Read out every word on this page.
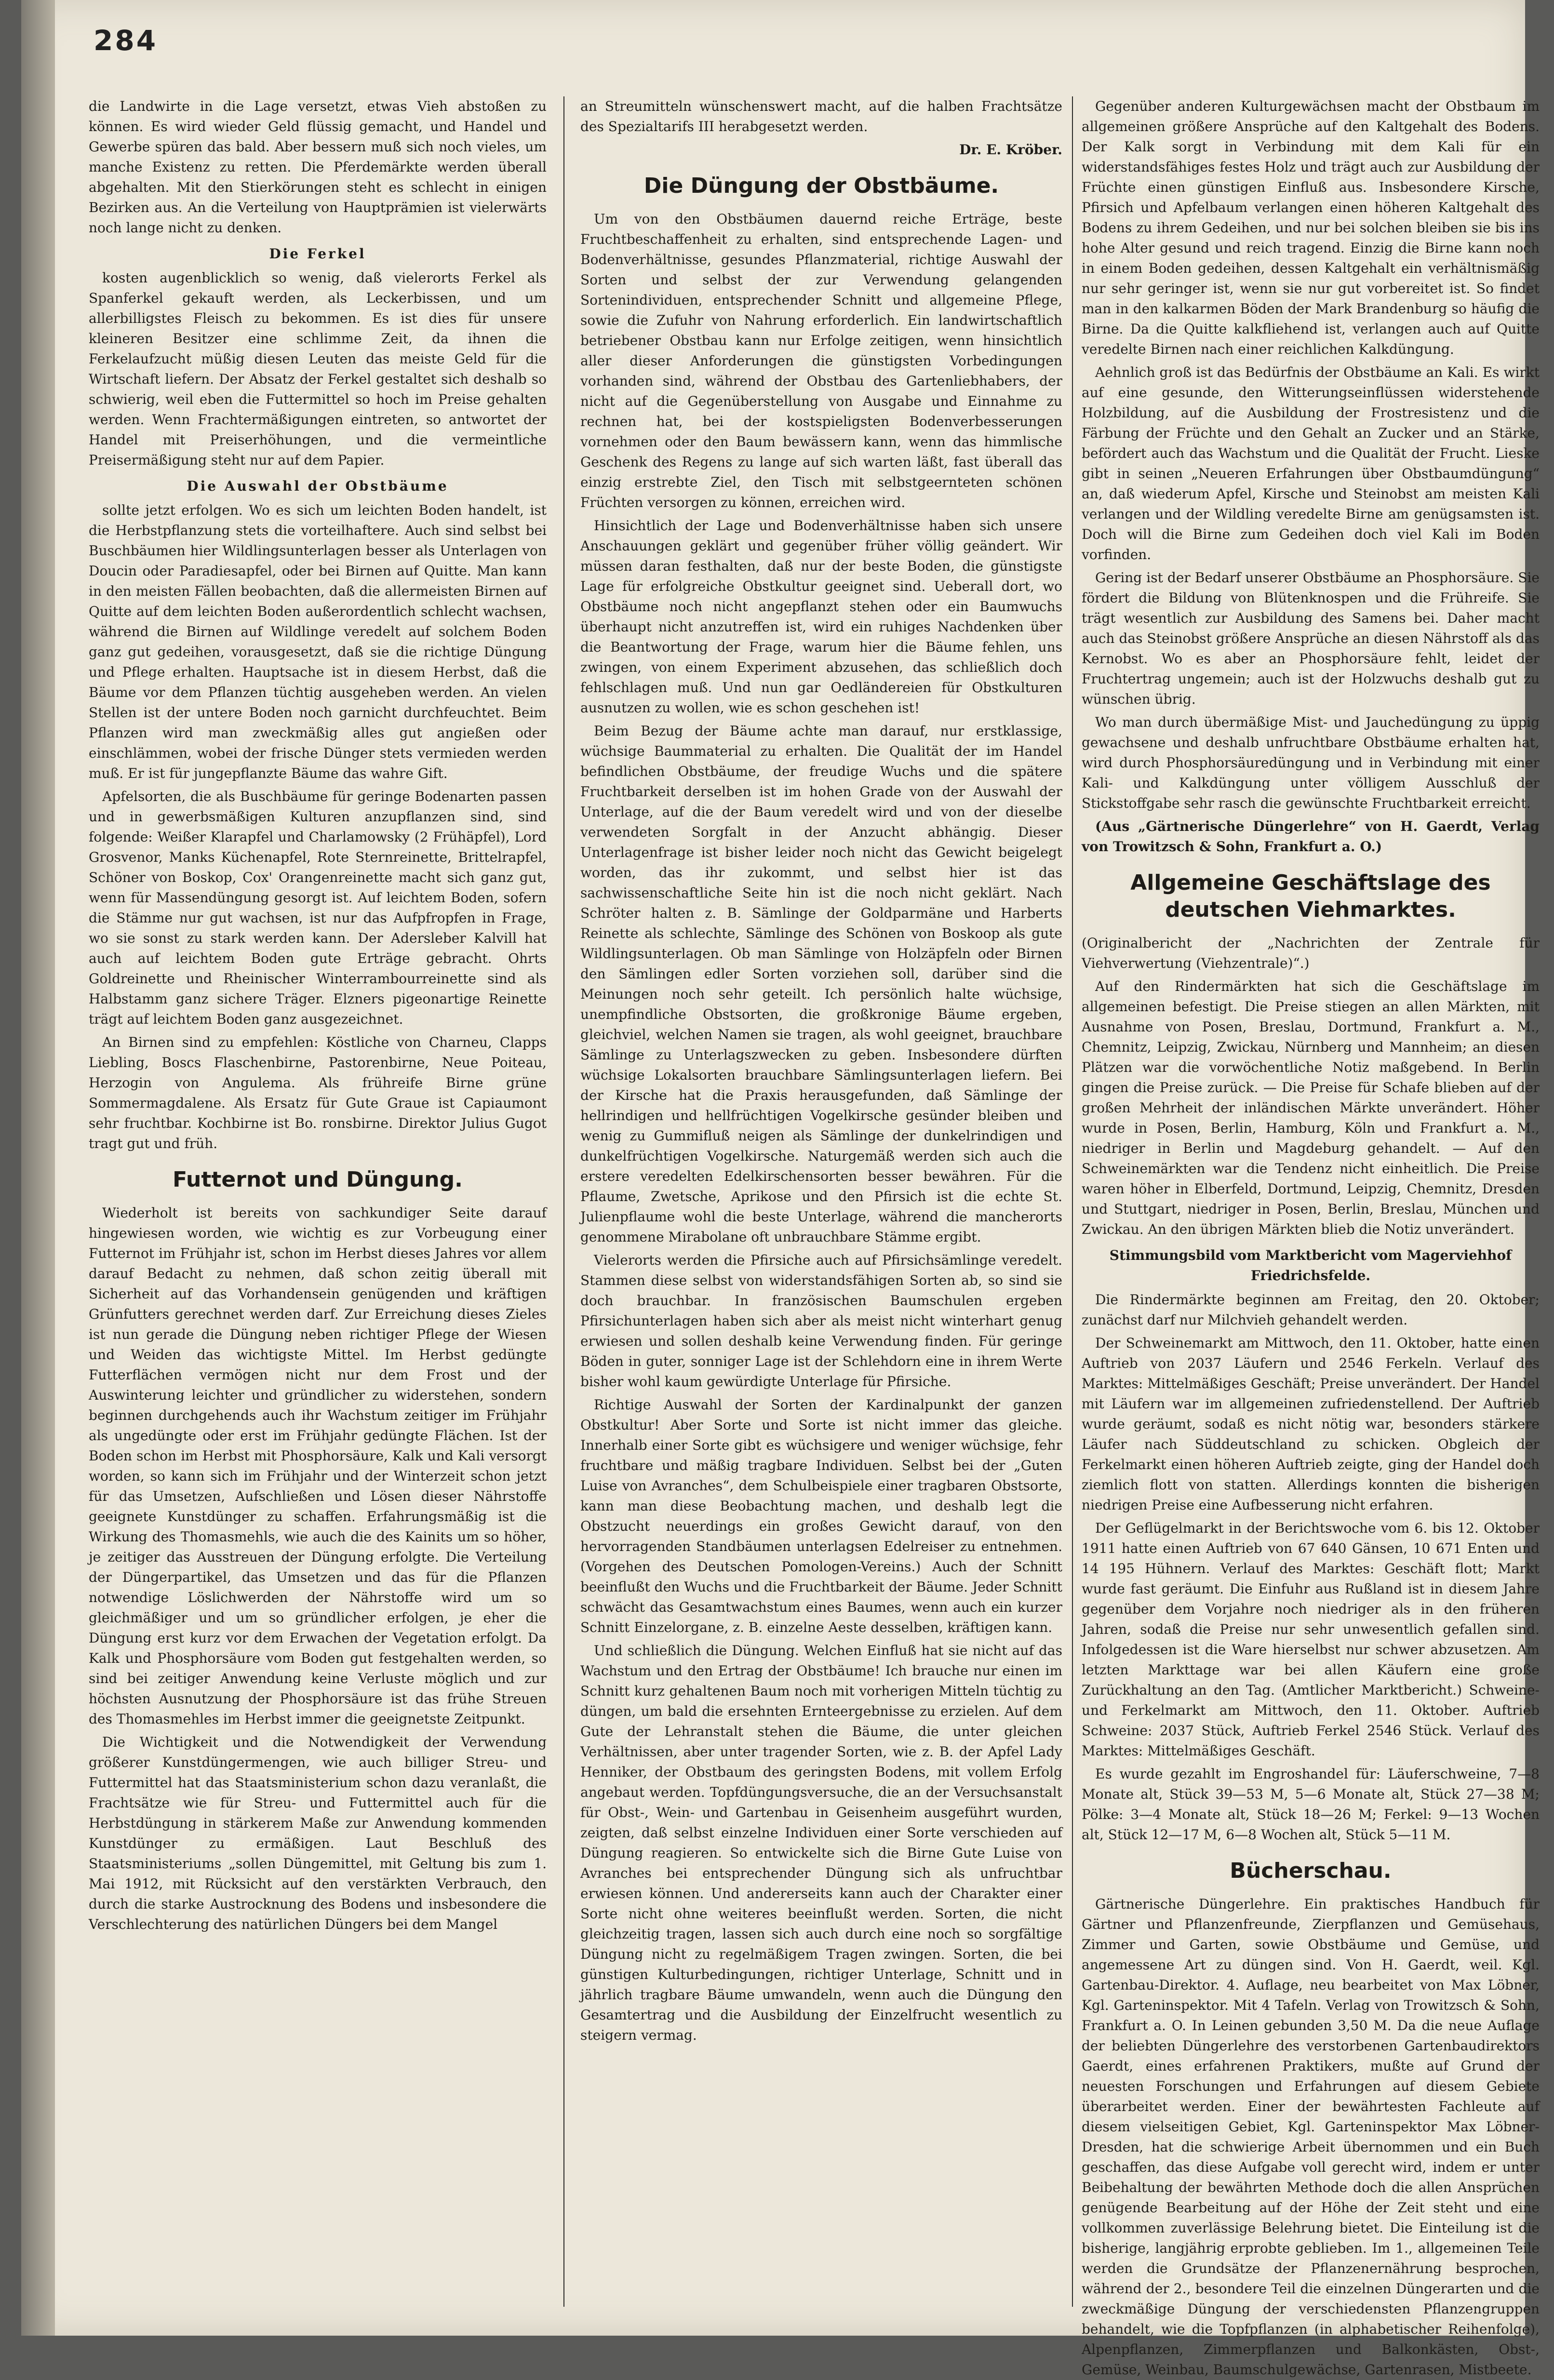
284

die Landwirte in die Lage versetzt, etwas Vieh abstoßen zu können. Es wird wieder Geld flüssig gemacht, und Handel und Gewerbe spüren das bald. Aber bessern muß sich noch vieles, um manche Existenz zu retten. Die Pferdemärkte werden überall abgehalten. Mit den Stierkörungen steht es schlecht in einigen Bezirken aus. An die Verteilung von Hauptprämien ist vielerwärts noch lange nicht zu denken.

Die Ferkel

kosten augenblicklich so wenig, daß vielerorts Ferkel als Spanferkel gekauft werden, als Leckerbissen, und um allerbilligstes Fleisch zu bekommen. Es ist dies für unsere kleineren Besitzer eine schlimme Zeit, da ihnen die Ferkelaufzucht müßig diesen Leuten das meiste Geld für die Wirtschaft liefern. Der Absatz der Ferkel gestaltet sich deshalb so schwierig, weil eben die Futtermittel so hoch im Preise gehalten werden. Wenn Frachtermäßigungen eintreten, so antwortet der Handel mit Preiserhöhungen, und die vermeintliche Preisermäßigung steht nur auf dem Papier.

Die Auswahl der Obstbäume

sollte jetzt erfolgen. Wo es sich um leichten Boden handelt, ist die Herbstpflanzung stets die vorteilhaftere. Auch sind selbst bei Buschbäumen hier Wildlingsunterlagen besser als Unterlagen von Doucin oder Paradiesapfel, oder bei Birnen auf Quitte. Man kann in den meisten Fällen beobachten, daß die allermeisten Birnen auf Quitte auf dem leichten Boden außerordentlich schlecht wachsen, während die Birnen auf Wildlinge veredelt auf solchem Boden ganz gut gedeihen, vorausgesetzt, daß sie die richtige Düngung und Pflege erhalten. Hauptsache ist in diesem Herbst, daß die Bäume vor dem Pflanzen tüchtig ausgeheben werden. An vielen Stellen ist der untere Boden noch garnicht durchfeuchtet. Beim Pflanzen wird man zweckmäßig alles gut angießen oder einschlämmen, wobei der frische Dünger stets vermieden werden muß. Er ist für jungepflanzte Bäume das wahre Gift.

Apfelsorten, die als Buschbäume für geringe Bodenarten passen und in gewerbsmäßigen Kulturen anzupflanzen sind, sind folgende: Weißer Klarapfel und Charlamowsky (2 Frühäpfel), Lord Grosvenor, Manks Küchenapfel, Rote Sternreinette, Brittelrapfel, Schöner von Boskop, Cox' Orangenreinette macht sich ganz gut, wenn für Massendüngung gesorgt ist. Auf leichtem Boden, sofern die Stämme nur gut wachsen, ist nur das Aufpfropfen in Frage, wo sie sonst zu stark werden kann. Der Adersleber Kalvill hat auch auf leichtem Boden gute Erträge gebracht. Ohrts Goldreinette und Rheinischer Winterrambourreinette sind als Halbstamm ganz sichere Träger. Elzners pigeonartige Reinette trägt auf leichtem Boden ganz ausgezeichnet.

An Birnen sind zu empfehlen: Köstliche von Charneu, Clapps Liebling, Boscs Flaschenbirne, Pastorenbirne, Neue Poiteau, Herzogin von Angulema. Als frühreife Birne grüne Sommermagdalene. Als Ersatz für Gute Graue ist Capiaumont sehr fruchtbar. Kochbirne ist Bo. ronsbirne. Direktor Julius Gugot tragt gut und früh.

Futternot und Düngung.

Wiederholt ist bereits von sachkundiger Seite darauf hingewiesen worden, wie wichtig es zur Vorbeugung einer Futternot im Frühjahr ist, schon im Herbst dieses Jahres vor allem darauf Bedacht zu nehmen, daß schon zeitig überall mit Sicherheit auf das Vorhandensein genügenden und kräftigen Grünfutters gerechnet werden darf. Zur Erreichung dieses Zieles ist nun gerade die Düngung neben richtiger Pflege der Wiesen und Weiden das wichtigste Mittel. Im Herbst gedüngte Futterflächen vermögen nicht nur dem Frost und der Auswinterung leichter und gründlicher zu widerstehen, sondern beginnen durchgehends auch ihr Wachstum zeitiger im Frühjahr als ungedüngte oder erst im Frühjahr gedüngte Flächen. Ist der Boden schon im Herbst mit Phosphorsäure, Kalk und Kali versorgt worden, so kann sich im Frühjahr und der Winterzeit schon jetzt für das Umsetzen, Aufschließen und Lösen dieser Nährstoffe geeignete Kunstdünger zu schaffen. Erfahrungsmäßig ist die Wirkung des Thomasmehls, wie auch die des Kainits um so höher, je zeitiger das Ausstreuen der Düngung erfolgte. Die Verteilung der Düngerpartikel, das Umsetzen und das für die Pflanzen notwendige Löslichwerden der Nährstoffe wird um so gleichmäßiger und um so gründlicher erfolgen, je eher die Düngung erst kurz vor dem Erwachen der Vegetation erfolgt. Da Kalk und Phosphorsäure vom Boden gut festgehalten werden, so sind bei zeitiger Anwendung keine Verluste möglich und zur höchsten Ausnutzung der Phosphorsäure ist das frühe Streuen des Thomasmehles im Herbst immer die geeignetste Zeitpunkt.

Die Wichtigkeit und die Notwendigkeit der Verwendung größerer Kunstdüngermengen, wie auch billiger Streu- und Futtermittel hat das Staatsministerium schon dazu veranlaßt, die Frachtsätze wie für Streu- und Futtermittel auch für die Herbstdüngung in stärkerem Maße zur Anwendung kommenden Kunstdünger zu ermäßigen. Laut Beschluß des Staatsministeriums „sollen Düngemittel, mit Geltung bis zum 1. Mai 1912, mit Rücksicht auf den verstärkten Verbrauch, den durch die starke Austrocknung des Bodens und insbesondere die Verschlechterung des natürlichen Düngers bei dem Mangel

an Streumitteln wünschenswert macht, auf die halben Frachtsätze des Spezialtarifs III herabgesetzt werden.

Dr. E. Kröber.
Die Düngung der Obstbäume.

Um von den Obstbäumen dauernd reiche Erträge, beste Fruchtbeschaffenheit zu erhalten, sind entsprechende Lagen- und Bodenverhältnisse, gesundes Pflanzmaterial, richtige Auswahl der Sorten und selbst der zur Verwendung gelangenden Sortenindividuen, entsprechender Schnitt und allgemeine Pflege, sowie die Zufuhr von Nahrung erforderlich. Ein landwirtschaftlich betriebener Obstbau kann nur Erfolge zeitigen, wenn hinsichtlich aller dieser Anforderungen die günstigsten Vorbedingungen vorhanden sind, während der Obstbau des Gartenliebhabers, der nicht auf die Gegenüberstellung von Ausgabe und Einnahme zu rechnen hat, bei der kostspieligsten Bodenverbesserungen vornehmen oder den Baum bewässern kann, wenn das himmlische Geschenk des Regens zu lange auf sich warten läßt, fast überall das einzig erstrebte Ziel, den Tisch mit selbstgeernteten schönen Früchten versorgen zu können, erreichen wird.

Hinsichtlich der Lage und Bodenverhältnisse haben sich unsere Anschauungen geklärt und gegenüber früher völlig geändert. Wir müssen daran festhalten, daß nur der beste Boden, die günstigste Lage für erfolgreiche Obstkultur geeignet sind. Ueberall dort, wo Obstbäume noch nicht angepflanzt stehen oder ein Baumwuchs überhaupt nicht anzutreffen ist, wird ein ruhiges Nachdenken über die Beantwortung der Frage, warum hier die Bäume fehlen, uns zwingen, von einem Experiment abzusehen, das schließlich doch fehlschlagen muß. Und nun gar Oedländereien für Obstkulturen ausnutzen zu wollen, wie es schon geschehen ist!

Beim Bezug der Bäume achte man darauf, nur erstklassige, wüchsige Baummaterial zu erhalten. Die Qualität der im Handel befindlichen Obstbäume, der freudige Wuchs und die spätere Fruchtbarkeit derselben ist im hohen Grade von der Auswahl der Unterlage, auf die der Baum veredelt wird und von der dieselbe verwendeten Sorgfalt in der Anzucht abhängig. Dieser Unterlagenfrage ist bisher leider noch nicht das Gewicht beigelegt worden, das ihr zukommt, und selbst hier ist das sachwissenschaftliche Seite hin ist die noch nicht geklärt. Nach Schröter halten z. B. Sämlinge der Goldparmäne und Harberts Reinette als schlechte, Sämlinge des Schönen von Boskoop als gute Wildlingsunterlagen. Ob man Sämlinge von Holzäpfeln oder Birnen den Sämlingen edler Sorten vorziehen soll, darüber sind die Meinungen noch sehr geteilt. Ich persönlich halte wüchsige, unempfindliche Obstsorten, die großkronige Bäume ergeben, gleichviel, welchen Namen sie tragen, als wohl geeignet, brauchbare Sämlinge zu Unterlagszwecken zu geben. Insbesondere dürften wüchsige Lokalsorten brauchbare Sämlingsunterlagen liefern. Bei der Kirsche hat die Praxis herausgefunden, daß Sämlinge der hellrindigen und hellfrüchtigen Vogelkirsche gesünder bleiben und wenig zu Gummifluß neigen als Sämlinge der dunkelrindigen und dunkelfrüchtigen Vogelkirsche. Naturgemäß werden sich auch die erstere veredelten Edelkirschensorten besser bewähren. Für die Pflaume, Zwetsche, Aprikose und den Pfirsich ist die echte St. Julienpflaume wohl die beste Unterlage, während die mancherorts genommene Mirabolane oft unbrauchbare Stämme ergibt.

Vielerorts werden die Pfirsiche auch auf Pfirsichsämlinge veredelt. Stammen diese selbst von widerstandsfähigen Sorten ab, so sind sie doch brauchbar. In französischen Baumschulen ergeben Pfirsichunterlagen haben sich aber als meist nicht winterhart genug erwiesen und sollen deshalb keine Verwendung finden. Für geringe Böden in guter, sonniger Lage ist der Schlehdorn eine in ihrem Werte bisher wohl kaum gewürdigte Unterlage für Pfirsiche.

Richtige Auswahl der Sorten der Kardinalpunkt der ganzen Obstkultur! Aber Sorte und Sorte ist nicht immer das gleiche. Innerhalb einer Sorte gibt es wüchsigere und weniger wüchsige, fehr fruchtbare und mäßig tragbare Individuen. Selbst bei der „Guten Luise von Avranches“, dem Schulbeispiele einer tragbaren Obstsorte, kann man diese Beobachtung machen, und deshalb legt die Obstzucht neuerdings ein großes Gewicht darauf, von den hervorragenden Standbäumen unterlagsen Edelreiser zu entnehmen. (Vorgehen des Deutschen Pomologen-Vereins.) Auch der Schnitt beeinflußt den Wuchs und die Fruchtbarkeit der Bäume. Jeder Schnitt schwächt das Gesamtwachstum eines Baumes, wenn auch ein kurzer Schnitt Einzelorgane, z. B. einzelne Aeste desselben, kräftigen kann.

Und schließlich die Düngung. Welchen Einfluß hat sie nicht auf das Wachstum und den Ertrag der Obstbäume! Ich brauche nur einen im Schnitt kurz gehaltenen Baum noch mit vorherigen Mitteln tüchtig zu düngen, um bald die ersehnten Ernteergebnisse zu erzielen. Auf dem Gute der Lehranstalt stehen die Bäume, die unter gleichen Verhältnissen, aber unter tragender Sorten, wie z. B. der Apfel Lady Henniker, der Obstbaum des geringsten Bodens, mit vollem Erfolg angebaut werden. Topfdüngungsversuche, die an der Versuchsanstalt für Obst-, Wein- und Gartenbau in Geisenheim ausgeführt wurden, zeigten, daß selbst einzelne Individuen einer Sorte verschieden auf Düngung reagieren. So entwickelte sich die Birne Gute Luise von Avranches bei entsprechender Düngung sich als unfruchtbar erwiesen können. Und andererseits kann auch der Charakter einer Sorte nicht ohne weiteres beeinflußt werden. Sorten, die nicht gleichzeitig tragen, lassen sich auch durch eine noch so sorgfältige Düngung nicht zu regelmäßigem Tragen zwingen. Sorten, die bei günstigen Kulturbedingungen, richtiger Unterlage, Schnitt und in jährlich tragbare Bäume umwandeln, wenn auch die Düngung den Gesamtertrag und die Ausbildung der Einzelfrucht wesentlich zu steigern vermag.

Gegenüber anderen Kulturgewächsen macht der Obstbaum im allgemeinen größere Ansprüche auf den Kaltgehalt des Bodens. Der Kalk sorgt in Verbindung mit dem Kali für ein widerstandsfähiges festes Holz und trägt auch zur Ausbildung der Früchte einen günstigen Einfluß aus. Insbesondere Kirsche, Pfirsich und Apfelbaum verlangen einen höheren Kaltgehalt des Bodens zu ihrem Gedeihen, und nur bei solchen bleiben sie bis ins hohe Alter gesund und reich tragend. Einzig die Birne kann noch in einem Boden gedeihen, dessen Kaltgehalt ein verhältnismäßig nur sehr geringer ist, wenn sie nur gut vorbereitet ist. So findet man in den kalkarmen Böden der Mark Brandenburg so häufig die Birne. Da die Quitte kalkfliehend ist, verlangen auch auf Quitte veredelte Birnen nach einer reichlichen Kalkdüngung.

Aehnlich groß ist das Bedürfnis der Obstbäume an Kali. Es wirkt auf eine gesunde, den Witterungseinflüssen widerstehende Holzbildung, auf die Ausbildung der Frostresistenz und die Färbung der Früchte und den Gehalt an Zucker und an Stärke, befördert auch das Wachstum und die Qualität der Frucht. Lieske gibt in seinen „Neueren Erfahrungen über Obstbaumdüngung“ an, daß wiederum Apfel, Kirsche und Steinobst am meisten Kali verlangen und der Wildling veredelte Birne am genügsamsten ist. Doch will die Birne zum Gedeihen doch viel Kali im Boden vorfinden.

Gering ist der Bedarf unserer Obstbäume an Phosphorsäure. Sie fördert die Bildung von Blütenknospen und die Frühreife. Sie trägt wesentlich zur Ausbildung des Samens bei. Daher macht auch das Steinobst größere Ansprüche an diesen Nährstoff als das Kernobst. Wo es aber an Phosphorsäure fehlt, leidet der Fruchtertrag ungemein; auch ist der Holzwuchs deshalb gut zu wünschen übrig.

Wo man durch übermäßige Mist- und Jauchedüngung zu üppig gewachsene und deshalb unfruchtbare Obstbäume erhalten hat, wird durch Phosphorsäuredüngung und in Verbindung mit einer Kali- und Kalkdüngung unter völligem Ausschluß der Stickstoffgabe sehr rasch die gewünschte Fruchtbarkeit erreicht.

(Aus „Gärtnerische Düngerlehre“ von H. Gaerdt, Verlag von Trowitzsch & Sohn, Frankfurt a. O.)

Allgemeine Geschäftslage des deutschen Viehmarktes.

(Originalbericht der „Nachrichten der Zentrale für Viehverwertung (Viehzentrale)“.)

Auf den Rindermärkten hat sich die Geschäftslage im allgemeinen befestigt. Die Preise stiegen an allen Märkten, mit Ausnahme von Posen, Breslau, Dortmund, Frankfurt a. M., Chemnitz, Leipzig, Zwickau, Nürnberg und Mannheim; an diesen Plätzen war die vorwöchentliche Notiz maßgebend. In Berlin gingen die Preise zurück. — Die Preise für Schafe blieben auf der großen Mehrheit der inländischen Märkte unverändert. Höher wurde in Posen, Berlin, Hamburg, Köln und Frankfurt a. M., niedriger in Berlin und Magdeburg gehandelt. — Auf den Schweinemärkten war die Tendenz nicht einheitlich. Die Preise waren höher in Elberfeld, Dortmund, Leipzig, Chemnitz, Dresden und Stuttgart, niedriger in Posen, Berlin, Breslau, München und Zwickau. An den übrigen Märkten blieb die Notiz unverändert.

Stimmungsbild vom Marktbericht vom Magerviehhof Friedrichsfelde.

Die Rindermärkte beginnen am Freitag, den 20. Oktober; zunächst darf nur Milchvieh gehandelt werden.

Der Schweinemarkt am Mittwoch, den 11. Oktober, hatte einen Auftrieb von 2037 Läufern und 2546 Ferkeln. Verlauf des Marktes: Mittelmäßiges Geschäft; Preise unverändert. Der Handel mit Läufern war im allgemeinen zufriedenstellend. Der Auftrieb wurde geräumt, sodaß es nicht nötig war, besonders stärkere Läufer nach Süddeutschland zu schicken. Obgleich der Ferkelmarkt einen höheren Auftrieb zeigte, ging der Handel doch ziemlich flott von statten. Allerdings konnten die bisherigen niedrigen Preise eine Aufbesserung nicht erfahren.

Der Geflügelmarkt in der Berichtswoche vom 6. bis 12. Oktober 1911 hatte einen Auftrieb von 67 640 Gänsen, 10 671 Enten und 14 195 Hühnern. Verlauf des Marktes: Geschäft flott; Markt wurde fast geräumt. Die Einfuhr aus Rußland ist in diesem Jahre gegenüber dem Vorjahre noch niedriger als in den früheren Jahren, sodaß die Preise nur sehr unwesentlich gefallen sind. Infolgedessen ist die Ware hierselbst nur schwer abzusetzen. Am letzten Markttage war bei allen Käufern eine große Zurückhaltung an den Tag. (Amtlicher Marktbericht.) Schweine- und Ferkelmarkt am Mittwoch, den 11. Oktober. Auftrieb Schweine: 2037 Stück, Auftrieb Ferkel 2546 Stück. Verlauf des Marktes: Mittelmäßiges Geschäft.

Es wurde gezahlt im Engroshandel für: Läuferschweine, 7—8 Monate alt, Stück 39—53 M, 5—6 Monate alt, Stück 27—38 M; Pölke: 3—4 Monate alt, Stück 18—26 M; Ferkel: 9—13 Wochen alt, Stück 12—17 M, 6—8 Wochen alt, Stück 5—11 M.

Bücherschau.

Gärtnerische Düngerlehre. Ein praktisches Handbuch für Gärtner und Pflanzenfreunde, Zierpflanzen und Gemüsehaus, Zimmer und Garten, sowie Obstbäume und Gemüse, und angemessene Art zu düngen sind. Von H. Gaerdt, weil. Kgl. Gartenbau-Direktor. 4. Auflage, neu bearbeitet von Max Löbner, Kgl. Garteninspektor. Mit 4 Tafeln. Verlag von Trowitzsch & Sohn, Frankfurt a. O. In Leinen gebunden 3,50 M. Da die neue Auflage der beliebten Düngerlehre des verstorbenen Gartenbaudirektors Gaerdt, eines erfahrenen Praktikers, mußte auf Grund der neuesten Forschungen und Erfahrungen auf diesem Gebiete überarbeitet werden. Einer der bewährtesten Fachleute auf diesem vielseitigen Gebiet, Kgl. Garteninspektor Max Löbner-Dresden, hat die schwierige Arbeit übernommen und ein Buch geschaffen, das diese Aufgabe voll gerecht wird, indem er unter Beibehaltung der bewährten Methode doch die allen Ansprüchen genügende Bearbeitung auf der Höhe der Zeit steht und eine vollkommen zuverlässige Belehrung bietet. Die Einteilung ist die bisherige, langjährig erprobte geblieben. Im 1., allgemeinen Teile werden die Grundsätze der Pflanzenernährung besprochen, während der 2., besondere Teil die einzelnen Düngerarten und die zweckmäßige Düngung der verschiedensten Pflanzengruppen behandelt, wie die Topfpflanzen (in alphabetischer Reihenfolge), Alpenpflanzen, Zimmerpflanzen und Balkonkästen, Obst-, Gemüse, Weinbau, Baumschulgewächse, Gartenrasen, Mistbeete.
